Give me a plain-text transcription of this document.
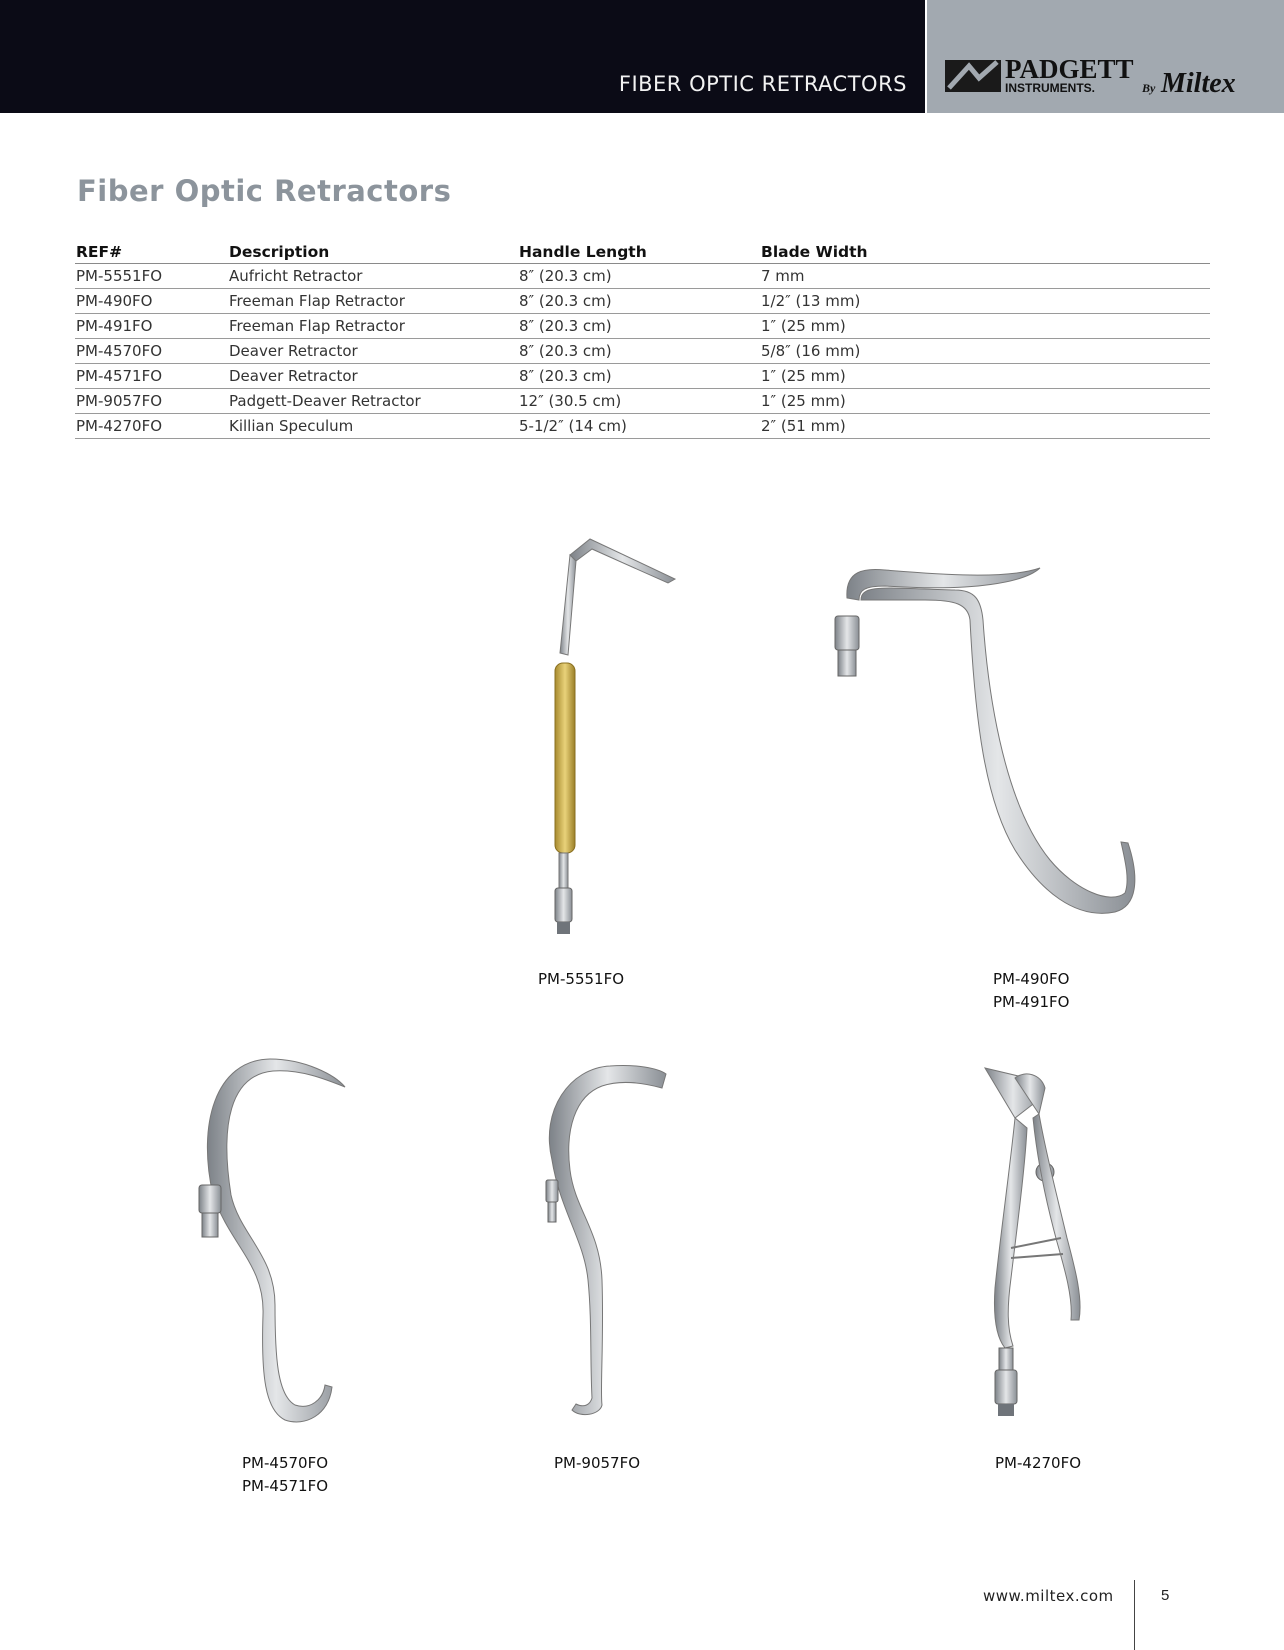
FIBER OPTIC RETRACTORS	PADGETT
INSTRUMENTS.	By Miltex
Fiber Optic Retractors
REF#	Description	Handle Length	Blade Width
PM-5551FO	Aufricht Retractor	8″ (20.3 cm)	7 mm
PM-490FO	Freeman Flap Retractor	8″ (20.3 cm)	1/2″ (13 mm)
PM-491FO	Freeman Flap Retractor	8″ (20.3 cm)	1″ (25 mm)
PM-4570FO	Deaver Retractor	8″ (20.3 cm)	5/8″ (16 mm)
PM-4571FO	Deaver Retractor	8″ (20.3 cm)	1″ (25 mm)
PM-9057FO	Padgett-Deaver Retractor	12″ (30.5 cm)	1″ (25 mm)
PM-4270FO	Killian Speculum	5-1/2″ (14 cm)	2″ (51 mm)
PM-5551FO	PM-490FO
PM-491FO
PM-4570FO
PM-4571FO
PM-9057FO	PM-4270FO
www.miltex.com	5
